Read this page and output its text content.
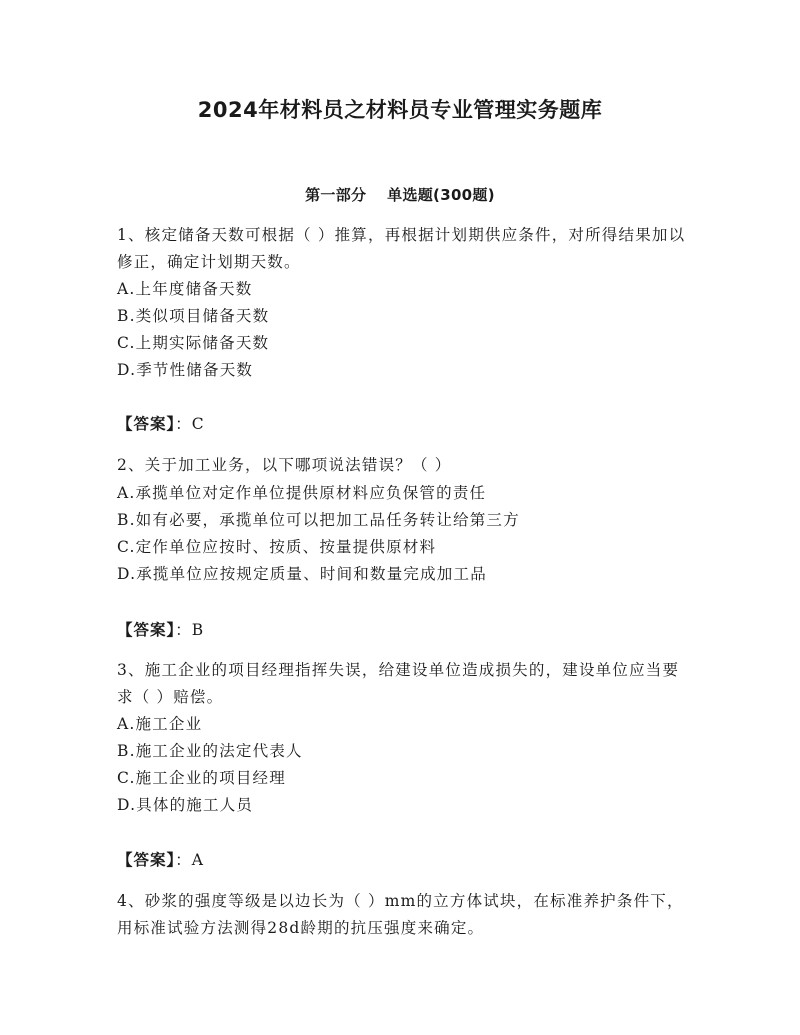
2024年材料员之材料员专业管理实务题库
第一部分　 单选题(300题)
1、核定储备天数可根据（ ）推算，再根据计划期供应条件，对所得结果加以修正，确定计划期天数。
A.上年度储备天数
B.类似项目储备天数
C.上期实际储备天数
D.季节性储备天数
【答案】：C
2、关于加工业务，以下哪项说法错误？（ ）
A.承揽单位对定作单位提供原材料应负保管的责任
B.如有必要，承揽单位可以把加工品任务转让给第三方
C.定作单位应按时、按质、按量提供原材料
D.承揽单位应按规定质量、时间和数量完成加工品
【答案】：B
3、施工企业的项目经理指挥失误，给建设单位造成损失的，建设单位应当要求（ ）赔偿。
A.施工企业
B.施工企业的法定代表人
C.施工企业的项目经理
D.具体的施工人员
【答案】：A
4、砂浆的强度等级是以边长为（ ）mm的立方体试块，在标准养护条件下，用标准试验方法测得28d龄期的抗压强度来确定。
